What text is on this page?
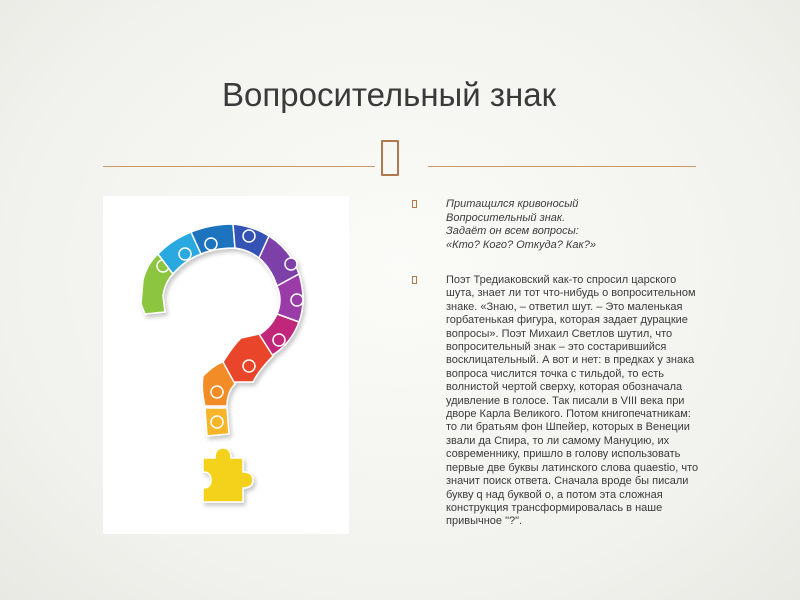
Вопросительный знак
Притащился кривоносый
Вопросительный знак.
Задаёт он всем вопросы:
«Кто? Кого? Откуда? Как?»
Поэт Тредиаковский как-то спросил царского
шута, знает ли тот что-нибудь о вопросительном
знаке. «Знаю, – ответил шут. – Это маленькая
горбатенькая фигура, которая задает дурацкие
вопросы». Поэт Михаил Светлов шутил, что
вопросительный знак – это состарившийся
восклицательный. А вот и нет: в предках у знака
вопроса числится точка с тильдой, то есть
волнистой чертой сверху, которая обозначала
удивление в голосе. Так писали в VIII века при
дворе Карла Великого. Потом книгопечатникам:
то ли братьям фон Шпейер, которых в Венеции
звали да Спира, то ли самому Мануцию, их
современнику, пришло в голову использовать
первые две буквы латинского слова quaestio, что
значит поиск ответа. Сначала вроде бы писали
букву q над буквой o, а потом эта сложная
конструкция трансформировалась в наше
привычное "?".
